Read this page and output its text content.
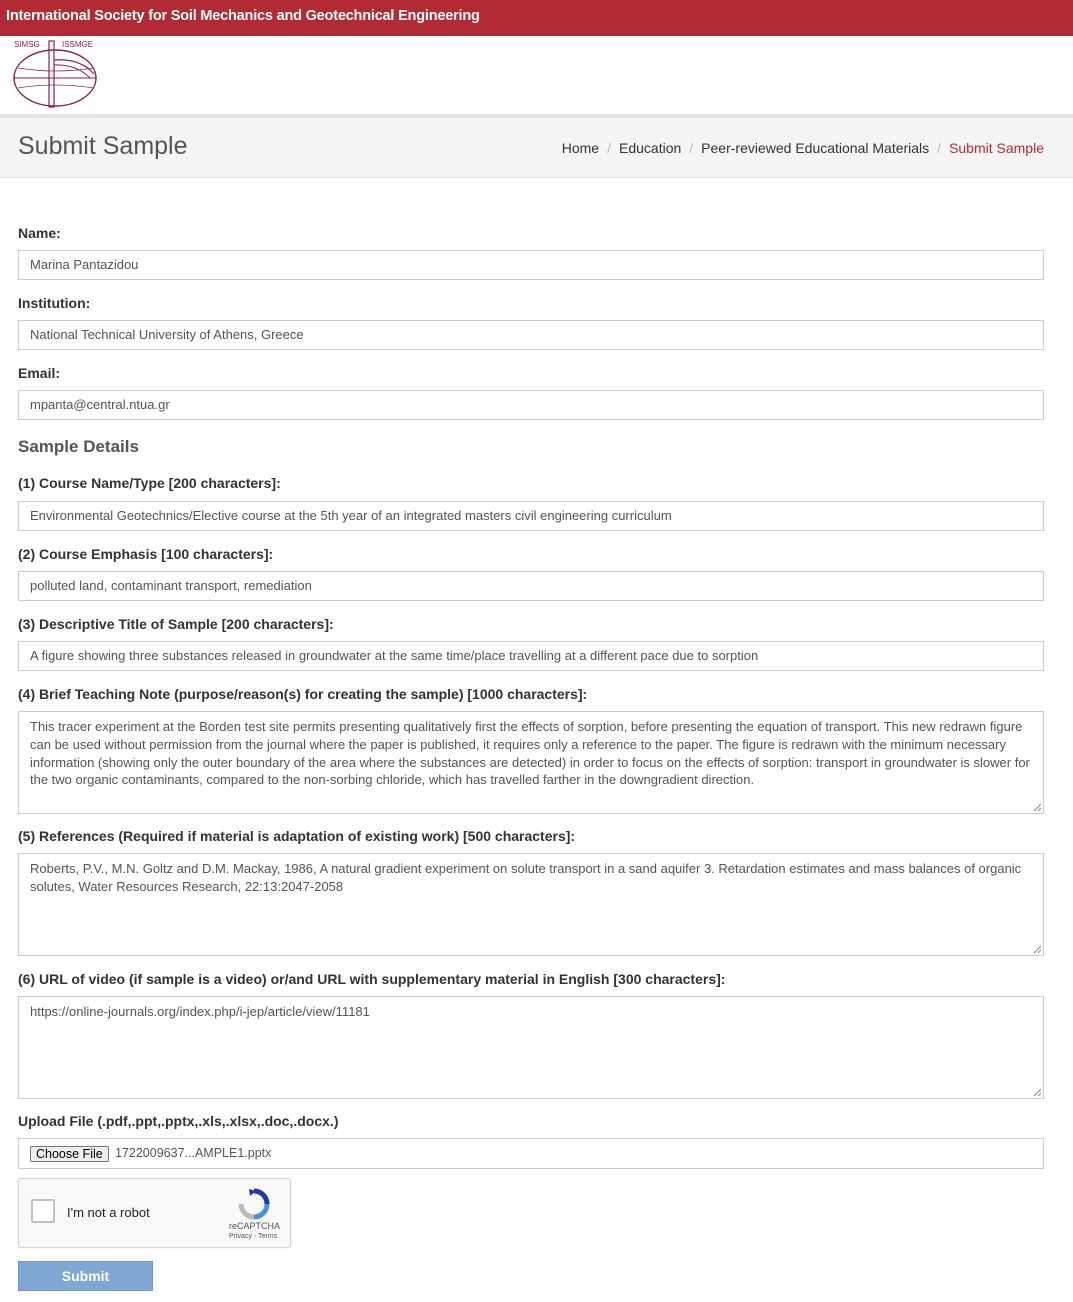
International Society for Soil Mechanics and Geotechnical Engineering
SIMSG	ISSMGE
Submit Sample	Home / Education / Peer-reviewed Educational Materials / Submit Sample
Name:
Marina Pantazidou
Institution:
National Technical University of Athens, Greece
Email:
mpanta@central.ntua.gr
Sample Details
(1) Course Name/Type [200 characters]:
Environmental Geotechnics/Elective course at the 5th year of an integrated masters civil engineering curriculum
(2) Course Emphasis [100 characters]:
polluted land, contaminant transport, remediation
(3) Descriptive Title of Sample [200 characters]:
A figure showing three substances released in groundwater at the same time/place travelling at a different pace due to sorption
(4) Brief Teaching Note (purpose/reason(s) for creating the sample) [1000 characters]:
This tracer experiment at the Borden test site permits presenting qualitatively first the effects of sorption, before presenting the equation of transport. This new redrawn figure can be used without permission from the journal where the paper is published, it requires only a reference to the paper. The figure is redrawn with the minimum necessary information (showing only the outer boundary of the area where the substances are detected) in order to focus on the effects of sorption: transport in groundwater is slower for the two organic contaminants, compared to the non-sorbing chloride, which has travelled farther in the downgradient direction.
(5) References (Required if material is adaptation of existing work) [500 characters]:
Roberts, P.V., M.N. Goltz and D.M. Mackay, 1986, A natural gradient experiment on solute transport in a sand aquifer 3. Retardation estimates and mass balances of organic solutes, Water Resources Research, 22:13:2047-2058
(6) URL of video (if sample is a video) or/and URL with supplementary material in English [300 characters]:
https://online-journals.org/index.php/i-jep/article/view/11181
Upload File (.pdf,.ppt,.pptx,.xls,.xlsx,.doc,.docx.)
Choose File 1722009637...AMPLE1.pptx
I'm not a robot
reCAPTCHA
Privacy - Terms
Submit
